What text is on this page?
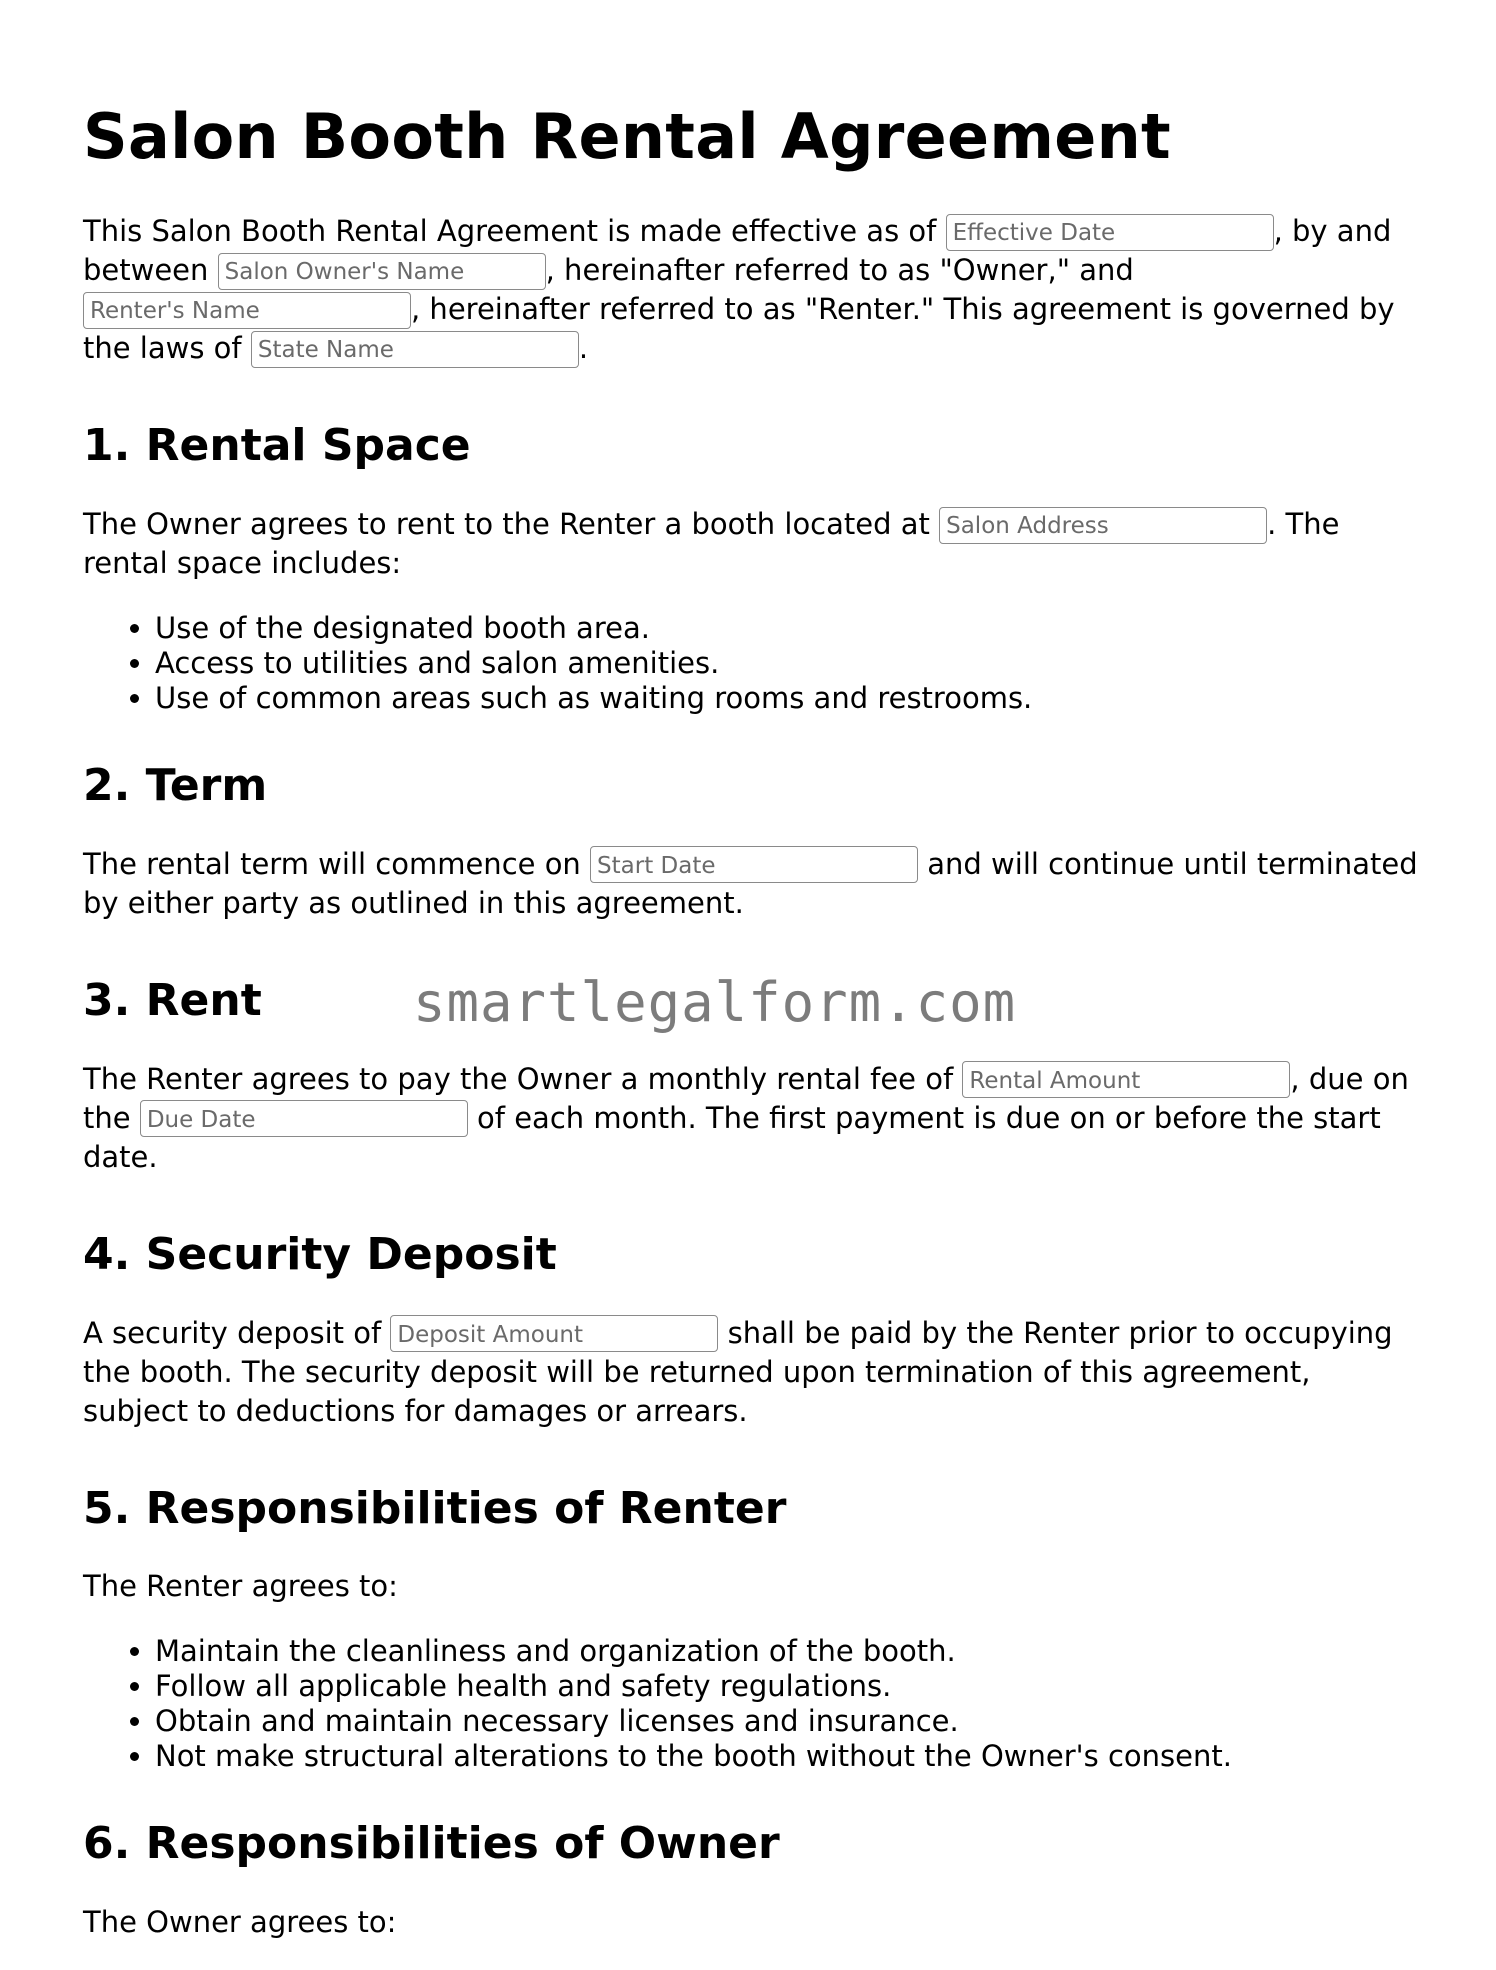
Salon Booth Rental Agreement

This Salon Booth Rental Agreement is made effective as of Effective Date	, by and between Salon Owner's Name	, hereinafter referred to as "Owner," and Renter's Name, hereinafter referred to as "Renter." This agreement is governed by the laws of State Name	.

1. Rental Space

The Owner agrees to rent to the Renter a booth located at Salon Address	. The rental space includes:

• Use of the designated booth area.
• Access to utilities and salon amenities.
• Use of common areas such as waiting rooms and restrooms.
2. Term

The rental term will commence on Start Date	and will continue until terminated by either party as outlined in this agreement.

3. Rent	smartlegalform.com

The Renter agrees to pay the Owner a monthly rental fee of Rental Amount	, due on the Due Date	of each month. The first payment is due on or before the start date.

4. Security Deposit

A security deposit of Deposit Amount	shall be paid by the Renter prior to occupying the booth. The security deposit will be returned upon termination of this agreement, subject to deductions for damages or arrears.

5. Responsibilities of Renter

The Renter agrees to:

• Maintain the cleanliness and organization of the booth.
• Follow all applicable health and safety regulations.
• Obtain and maintain necessary licenses and insurance.
• Not make structural alterations to the booth without the Owner's consent.
6. Responsibilities of Owner

The Owner agrees to:
